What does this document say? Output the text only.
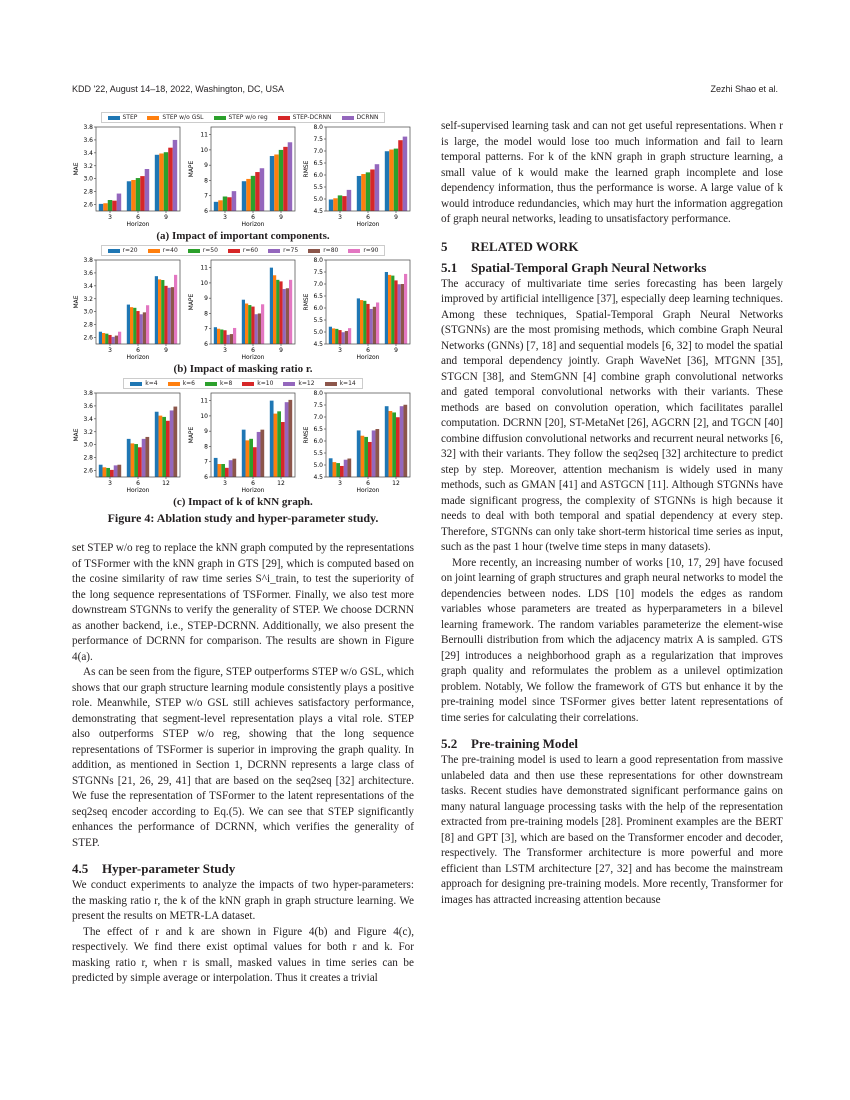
KDD '22, August 14–18, 2022, Washington, DC, USA	Zezhi Shao et al.
STEP	STEP w/o GSL	STEP w/o reg	STEP-DCRNN	DCRNN
MAE
2.6
2.8
3.0
3.2
3.4
3.6
3.8
3	6	9
Horizon
MAPE
6
7
8
9
10
11
3	6	9
Horizon
RMSE
4.5
5.0
5.5
6.0
6.5
7.0
7.5
8.0
3	6	9
Horizon
(a) Impact of important components.
r=20	r=40	r=50	r=60	r=75	r=80	r=90
MAE
2.6
2.8
3.0
3.2
3.4
3.6
3.8
3	6	9
Horizon
MAPE
6
7
8
9
10
11
3	6	9
Horizon
RMSE
4.5
5.0
5.5
6.0
6.5
7.0
7.5
8.0
3	6	9
Horizon
(b) Impact of masking ratio r.
k=4	k=6	k=8	k=10	k=12	k=14
MAE
2.6
2.8
3.0
3.2
3.4
3.6
3.8
3	6	12
Horizon
MAPE
6
7
8
9
10
11
3	6	12
Horizon
RMSE
4.5
5.0
5.5
6.0
6.5
7.0
7.5
8.0
3	6	12
Horizon
(c) Impact of k of kNN graph.
Figure 4: Ablation study and hyper-parameter study.

set STEP w/o reg to replace the kNN graph computed by the representations of TSFormer with the kNN graph in GTS [29], which is computed based on the cosine similarity of raw time series S^i_train, to test the superiority of the long sequence representations of TSFormer. Finally, we also test more downstream STGNNs to verify the generality of STEP. We choose DCRNN as another backend, i.e., STEP-DCRNN. Additionally, we also present the performance of DCRNN for comparison. The results are shown in Figure 4(a).

As can be seen from the figure, STEP outperforms STEP w/o GSL, which shows that our graph structure learning module consistently plays a positive role. Meanwhile, STEP w/o GSL still achieves satisfactory performance, demonstrating that segment-level representation plays a vital role. STEP also outperforms STEP w/o reg, showing that the long sequence representations of TSFormer is superior in improving the graph quality. In addition, as mentioned in Section 1, DCRNN represents a large class of STGNNs [21, 26, 29, 41] that are based on the seq2seq [32] architecture. We fuse the representation of TSFormer to the latent representations of the seq2seq encoder according to Eq.(5). We can see that STEP significantly enhances the performance of DCRNN, which verifies the generality of STEP.

4.5 Hyper-parameter Study

We conduct experiments to analyze the impacts of two hyper-parameters: the masking ratio r, the k of the kNN graph in graph structure learning. We present the results on METR-LA dataset.

The effect of r and k are shown in Figure 4(b) and Figure 4(c), respectively. We find there exist optimal values for both r and k. For masking ratio r, when r is small, masked values in time series can be predicted by simple average or interpolation. Thus it creates a trivial

self-supervised learning task and can not get useful representations. When r is large, the model would lose too much information and fail to learn temporal patterns. For k of the kNN graph in graph structure learning, a small value of k would make the learned graph incomplete and lose dependency information, thus the performance is worse. A large value of k would introduce redundancies, which may hurt the information aggregation of graph neural networks, leading to unsatisfactory performance.

5 RELATED WORK
5.1 Spatial-Temporal Graph Neural Networks

The accuracy of multivariate time series forecasting has been largely improved by artificial intelligence [37], especially deep learning techniques. Among these techniques, Spatial-Temporal Graph Neural Networks (STGNNs) are the most promising methods, which combine Graph Neural Networks (GNNs) [7, 18] and sequential models [6, 32] to model the spatial and temporal dependency jointly. Graph WaveNet [36], MTGNN [35], STGCN [38], and StemGNN [4] combine graph convolutional networks and gated temporal convolutional networks with their variants. These methods are based on convolution operation, which facilitates parallel computation. DCRNN [20], ST-MetaNet [26], AGCRN [2], and TGCN [40] combine diffusion convolutional networks and recurrent neural networks [6, 32] with their variants. They follow the seq2seq [32] architecture to predict step by step. Moreover, attention mechanism is widely used in many methods, such as GMAN [41] and ASTGCN [11]. Although STGNNs have made significant progress, the complexity of STGNNs is high because it needs to deal with both temporal and spatial dependency at every step. Therefore, STGNNs can only take short-term historical time series as input, such as the past 1 hour (twelve time steps in many datasets).

More recently, an increasing number of works [10, 17, 29] have focused on joint learning of graph structures and graph neural networks to model the dependencies between nodes. LDS [10] models the edges as random variables whose parameters are treated as hyperparameters in a bilevel learning framework. The random variables parameterize the element-wise Bernoulli distribution from which the adjacency matrix A is sampled. GTS [29] introduces a neighborhood graph as a regularization that improves graph quality and reformulates the problem as a unilevel optimization problem. Notably, We follow the framework of GTS but enhance it by the pre-training model since TSFormer gives better latent representations of time series for calculating their correlations.

5.2 Pre-training Model

The pre-training model is used to learn a good representation from massive unlabeled data and then use these representations for other downstream tasks. Recent studies have demonstrated significant performance gains on many natural language processing tasks with the help of the representation extracted from pre-training models [28]. Prominent examples are the BERT [8] and GPT [3], which are based on the Transformer encoder and decoder, respectively. The Transformer architecture is more powerful and more efficient than LSTM architecture [27, 32] and has become the mainstream approach for designing pre-training models. More recently, Transformer for images has attracted increasing attention because
